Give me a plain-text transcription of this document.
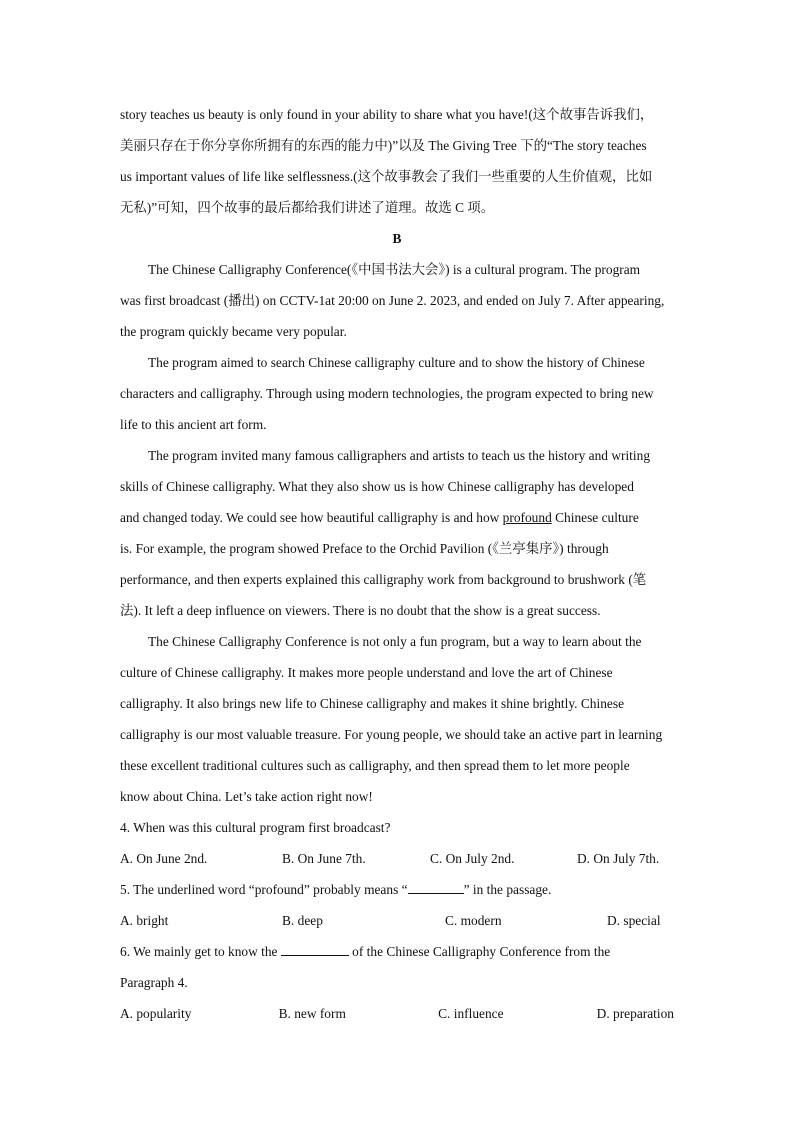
story teaches us beauty is only found in your ability to share what you have!(这个故事告诉我们，

美丽只存在于你分享你所拥有的东西的能力中)”以及 The Giving Tree 下的“The story teaches

us important values of life like selflessness.(这个故事教会了我们一些重要的人生价值观，比如

无私)”可知，四个故事的最后都给我们讲述了道理。故选 C 项。

B

The Chinese Calligraphy Conference(《中国书法大会》) is a cultural program. The program

was first broadcast (播出) on CCTV-1at 20:00 on June 2. 2023, and ended on July 7. After appearing,

the program quickly became very popular.

The program aimed to search Chinese calligraphy culture and to show the history of Chinese

characters and calligraphy. Through using modern technologies, the program expected to bring new

life to this ancient art form.

The program invited many famous calligraphers and artists to teach us the history and writing

skills of Chinese calligraphy. What they also show us is how Chinese calligraphy has developed

and changed today. We could see how beautiful calligraphy is and how profound Chinese culture

is. For example, the program showed Preface to the Orchid Pavilion (《兰亭集序》) through

performance, and then experts explained this calligraphy work from background to brushwork (笔

法). It left a deep influence on viewers. There is no doubt that the show is a great success.

The Chinese Calligraphy Conference is not only a fun program, but a way to learn about the

culture of Chinese calligraphy. It makes more people understand and love the art of Chinese

calligraphy. It also brings new life to Chinese calligraphy and makes it shine brightly. Chinese

calligraphy is our most valuable treasure. For young people, we should take an active part in learning

these excellent traditional cultures such as calligraphy, and then spread them to let more people

know about China. Let’s take action right now!

4. When was this cultural program first broadcast?

A. On June 2nd.	B. On June 7th.	C. On July 2nd.	D. On July 7th.

5. The underlined word “profound” probably means “	” in the passage.

A. bright	B. deep	C. modern	D. special

6. We mainly get to know the	of the Chinese Calligraphy Conference from the

Paragraph 4.

A. popularity	B. new form	C. influence	D. preparation
